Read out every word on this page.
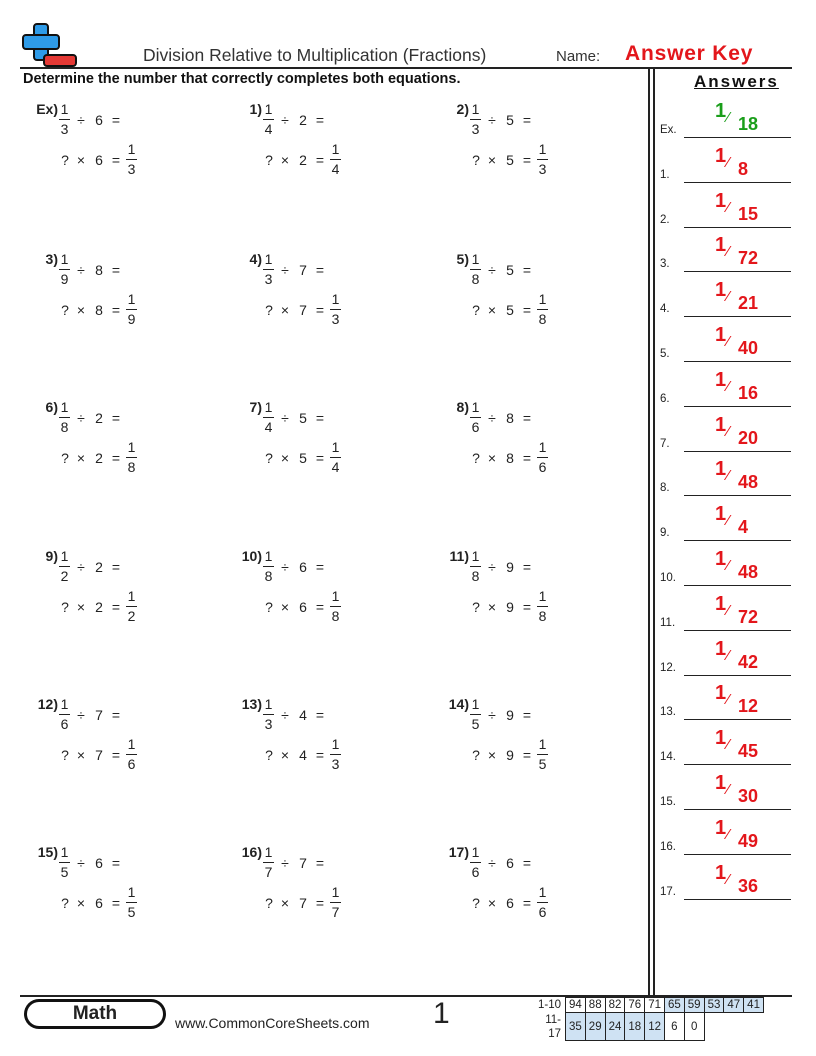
Division Relative to Multiplication (Fractions)	Name: Answer Key
Determine the number that correctly completes both equations.
$Ex) \frac{1}{3} \div 6$ =
? × $6 = \frac{1}{3}$
$1) \frac{1}{4} \div 2$ =
? × $2 = \frac{1}{4}$
$2) \frac{1}{3} \div 5$ =
? × $5 = \frac{1}{3}$
$3) \frac{1}{9} \div 8$ =
? × $8 = \frac{1}{9}$
$4) \frac{1}{3} \div 7$ =
? × $7 = \frac{1}{3}$
$5) \frac{1}{8} \div 5$ =
? × $5 = \frac{1}{8}$
$6) \frac{1}{8} \div 2$ =
? × $2 = \frac{1}{8}$
$7) \frac{1}{4} \div 5$ =
? × $5 = \frac{1}{4}$
$8) \frac{1}{6} \div 8$ =
? × $8 = \frac{1}{6}$
$9) \frac{1}{2} \div 2$ =
? × $2 = \frac{1}{2}$
$10) \frac{1}{8} \div 6$ =
? × $6 = \frac{1}{8}$
$11) \frac{1}{8} \div 9$ =
? × $9 = \frac{1}{8}$
$12) \frac{1}{6} \div 7$ =
? × $7 = \frac{1}{6}$
$13) \frac{1}{3} \div 4$ =
? × $4 = \frac{1}{3}$
$14) \frac{1}{5} \div 9$ =
? × $9 = \frac{1}{5}$
$15) \frac{1}{5} \div 6$ =
? × $6 = \frac{1}{5}$
$16) \frac{1}{7} \div 7$ =
? × $7 = \frac{1}{7}$
$17) \frac{1}{6} \div 6$ =
? × $6 = \frac{1}{6}$
Answers
Ex.
1 ⁄ 18
1.
1 ⁄ 8
2.
1 ⁄ 15
3.
1 ⁄ 72
4.
1 ⁄ 21
5.
1 ⁄ 40
6.
1 ⁄ 16
7.
1 ⁄ 20
8.
1 ⁄ 48
9.
1 ⁄ 4
10.
1 ⁄ 48
11.
1 ⁄ 72
12.
1 ⁄ 42
13.
1 ⁄ 12
14.
1 ⁄ 45
15.
1 ⁄ 30
16.
1 ⁄ 49
17.
1 ⁄ 36
Math	www.CommonCoreSheets.com 1	1-10	94	88	82	76	71	65	59	53	47	41
11-17	35	29	24	18	12	6	0			
